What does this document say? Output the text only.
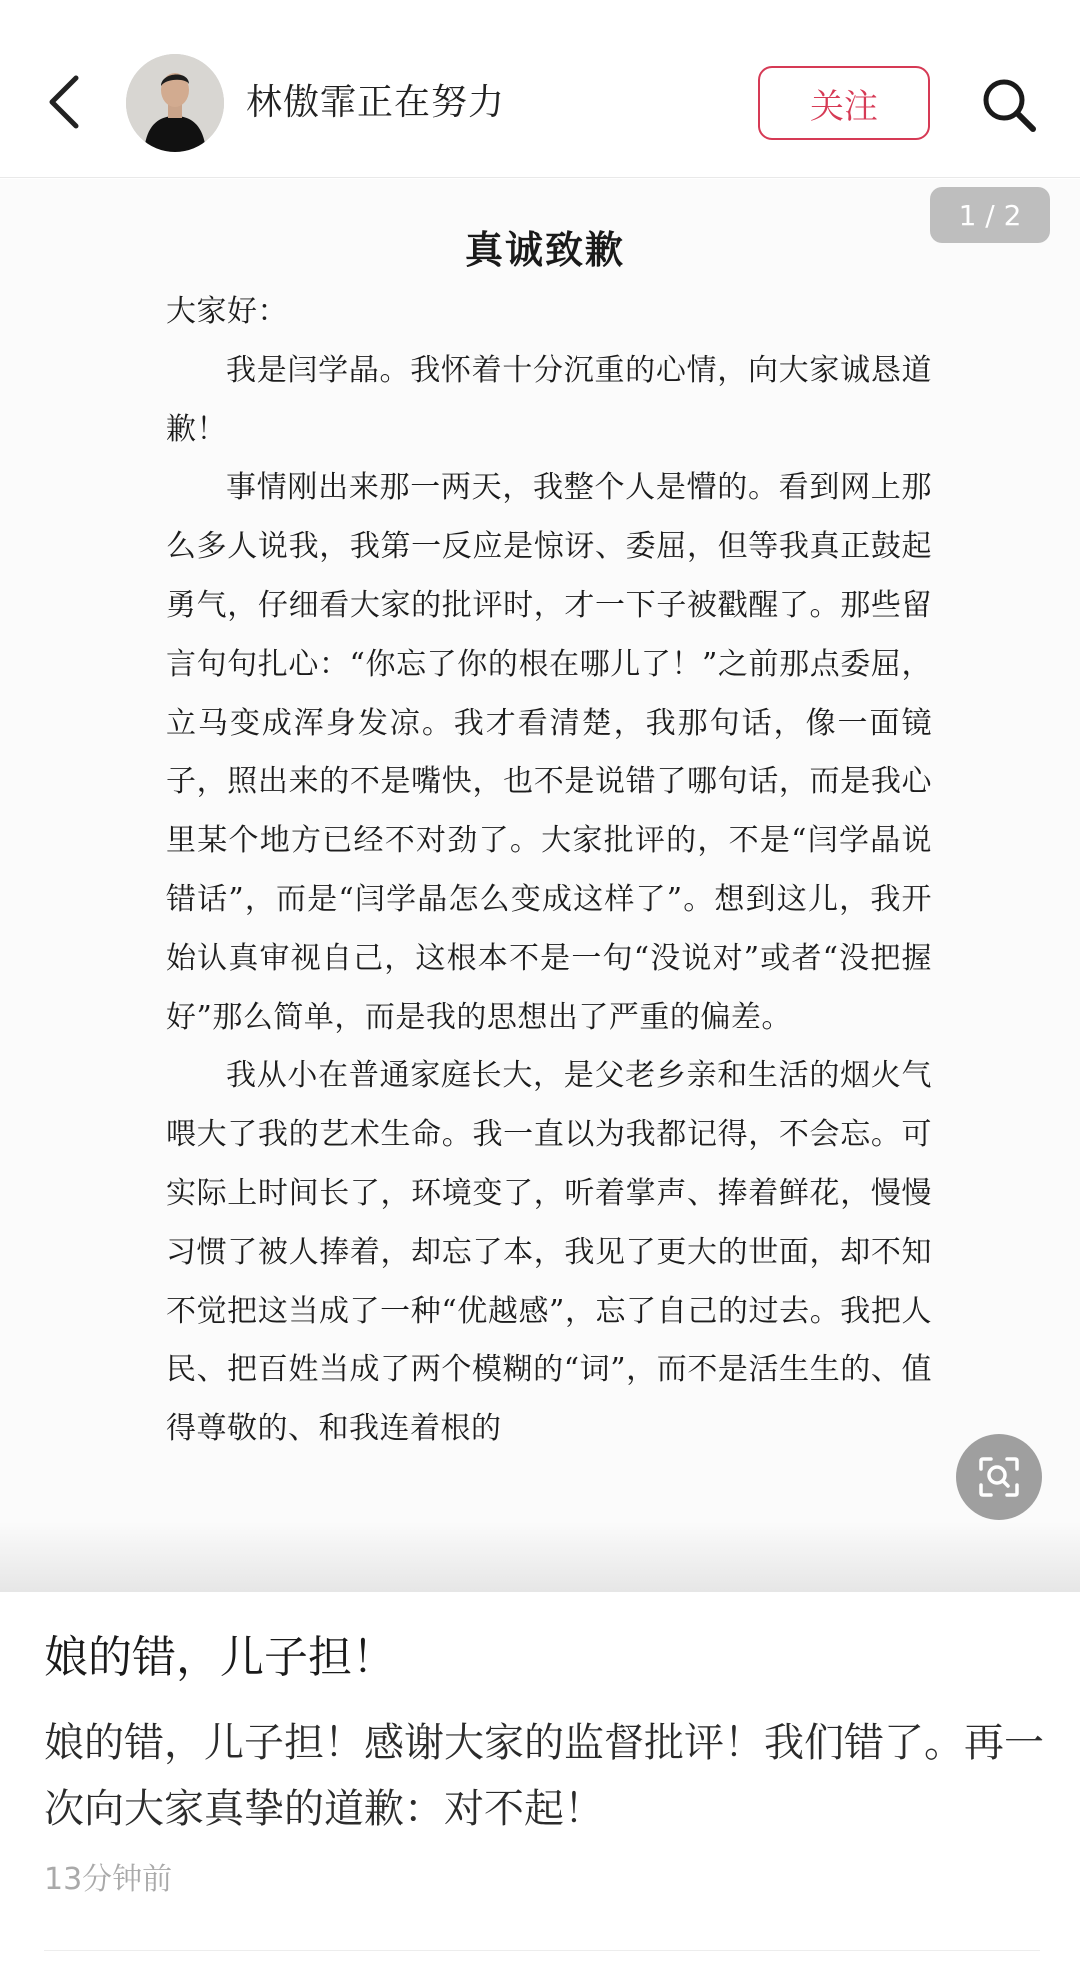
林傲霏正在努力	关注
1 / 2
真诚致歉

大家好：

我是闫学晶。我怀着十分沉重的心情，向大家诚恳道歉！

事情刚出来那一两天，我整个人是懵的。看到网上那么多人说我，我第一反应是惊讶、委屈，但等我真正鼓起勇气，仔细看大家的批评时，才一下子被戳醒了。那些留言句句扎心：“你忘了你的根在哪儿了！”之前那点委屈，立马变成浑身发凉。我才看清楚，我那句话，像一面镜子，照出来的不是嘴快，也不是说错了哪句话，而是我心里某个地方已经不对劲了。大家批评的，不是“闫学晶说错话”，而是“闫学晶怎么变成这样了”。想到这儿，我开始认真审视自己，这根本不是一句“没说对”或者“没把握好”那么简单，而是我的思想出了严重的偏差。

我从小在普通家庭长大，是父老乡亲和生活的烟火气喂大了我的艺术生命。我一直以为我都记得，不会忘。可实际上时间长了，环境变了，听着掌声、捧着鲜花，慢慢习惯了被人捧着，却忘了本，我见了更大的世面，却不知不觉把这当成了一种“优越感”，忘了自己的过去。我把人民、把百姓当成了两个模糊的“词”，而不是活生生的、值得尊敬的、和我连着根的

娘的错，儿子担！
娘的错，儿子担！感谢大家的监督批评！我们错了。再一次向大家真挚的道歉：对不起！
13分钟前
